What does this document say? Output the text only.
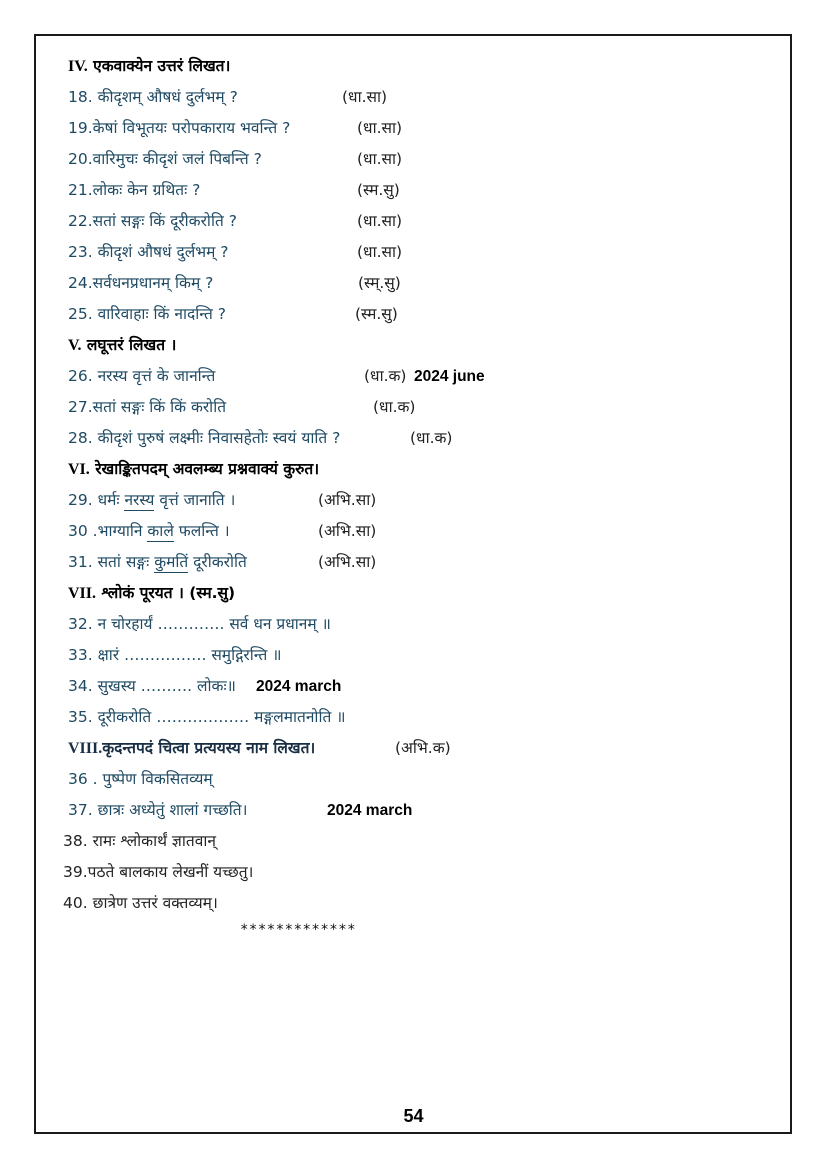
IV. एकवाक्येन उत्तरं लिखत।
18. कीदृशम् औषधं दुर्लभम् ?	(धा.सा)
19.केषां विभूतयः परोपकाराय भवन्ति ?	(धा.सा)
20.वारिमुचः कीदृशं जलं पिबन्ति ?	(धा.सा)
21.लोकः केन ग्रथितः ?	(स्म.सु)
22.सतां सङ्गः किं दूरीकरोति ?	(धा.सा)
23. कीदृशं औषधं दुर्लभम् ?	(धा.सा)
24.सर्वधनप्रधानम् किम् ?	(स्म्.सु)
25. वारिवाहाः किं नादन्ति ?	(स्म.सु)
V. लघूत्तरं लिखत ।
26. नरस्य वृत्तं के जानन्ति	(धा.क) 2024 june
27.सतां सङ्गः किं किं करोति	(धा.क)
28. कीदृशं पुरुषं लक्ष्मीः निवासहेतोः स्वयं याति ?	(धा.क)
VI. रेखाङ्कितपदम् अवलम्ब्य प्रश्नवाक्यं कुरुत।
29. धर्मः नरस्य वृत्तं जानाति ।	(अभि.सा)
30 .भाग्यानि काले फलन्ति ।	(अभि.सा)
31. सतां सङ्गः कुमतिं दूरीकरोति	(अभि.सा)
VII. श्लोकं पूरयत । (स्म.सु)
32. न चोरहार्यं …………. सर्व धन प्रधानम् ॥
33. क्षारं ……………. समुद्गिरन्ति ॥
34. सुखस्य ………. लोकः॥ 2024 march
35. दूरीकरोति ……………… मङ्गलमातनोति ॥
VIII.कृदन्तपदं चित्वा प्रत्ययस्य नाम लिखत।	(अभि.क)
36 . पुष्पेण विकसितव्यम्
37. छात्रः अध्येतुं शालां गच्छति।	2024 march
38. रामः श्लोकार्थं ज्ञातवान्
39.पठते बालकाय लेखनीं यच्छतु।
40. छात्रेण उत्तरं वक्तव्यम्।
*************
54
